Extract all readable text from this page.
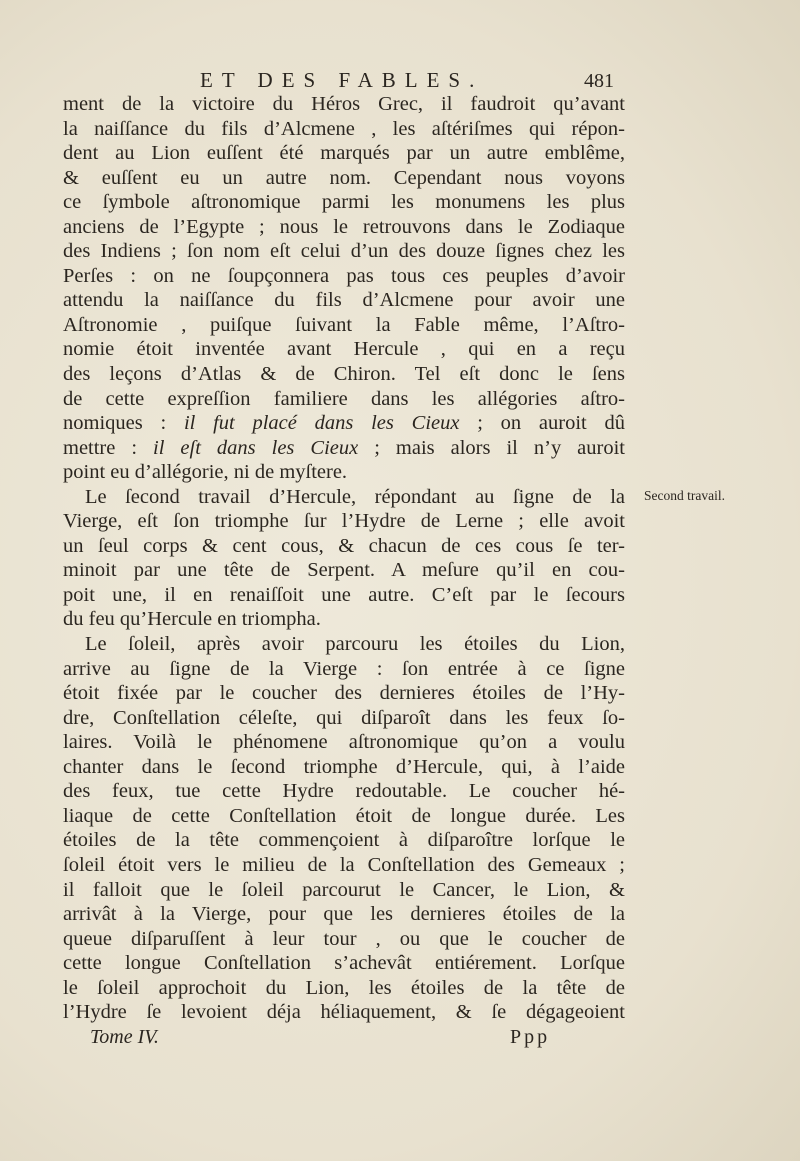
ET DES FABLES.	481
ment de la victoire du Héros Grec, il faudroit qu’avant
la naiſſance du fils d’Alcmene , les aſtériſmes qui répon-
dent au Lion euſſent été marqués par un autre emblême,
& euſſent eu un autre nom. Cependant nous voyons
ce ſymbole aſtronomique parmi les monumens les plus
anciens de l’Egypte ; nous le retrouvons dans le Zodiaque
des Indiens ; ſon nom eſt celui d’un des douze ſignes chez les
Perſes : on ne ſoupçonnera pas tous ces peuples d’avoir
attendu la naiſſance du fils d’Alcmene pour avoir une
Aſtronomie , puiſque ſuivant la Fable même, l’Aſtro-
nomie étoit inventée avant Hercule , qui en a reçu
des leçons d’Atlas & de Chiron. Tel eſt donc le ſens
de cette expreſſion familiere dans les allégories aſtro-
nomiques : il fut placé dans les Cieux ; on auroit dû
mettre : il eſt dans les Cieux ; mais alors il n’y auroit
point eu d’allégorie, ni de myſtere.
Le ſecond travail d’Hercule, répondant au ſigne de la
Vierge, eſt ſon triomphe ſur l’Hydre de Lerne ; elle avoit
un ſeul corps & cent cous, & chacun de ces cous ſe ter-
minoit par une tête de Serpent. A meſure qu’il en cou-
poit une, il en renaiſſoit une autre. C’eſt par le ſecours
du feu qu’Hercule en triompha.
Le ſoleil, après avoir parcouru les étoiles du Lion,
arrive au ſigne de la Vierge : ſon entrée à ce ſigne
étoit fixée par le coucher des dernieres étoiles de l’Hy-
dre, Conſtellation céleſte, qui diſparoît dans les feux ſo-
laires. Voilà le phénomene aſtronomique qu’on a voulu
chanter dans le ſecond triomphe d’Hercule, qui, à l’aide
des feux, tue cette Hydre redoutable. Le coucher hé-
liaque de cette Conſtellation étoit de longue durée. Les
étoiles de la tête commençoient à diſparoître lorſque le
ſoleil étoit vers le milieu de la Conſtellation des Gemeaux ;
il falloit que le ſoleil parcourut le Cancer, le Lion, &
arrivât à la Vierge, pour que les dernieres étoiles de la
queue diſparuſſent à leur tour , ou que le coucher de
cette longue Conſtellation s’achevât entiérement. Lorſque
le ſoleil approchoit du Lion, les étoiles de la tête de
l’Hydre ſe levoient déja héliaquement, & ſe dégageoient
Second travail.
Tome IV.	Ppp
